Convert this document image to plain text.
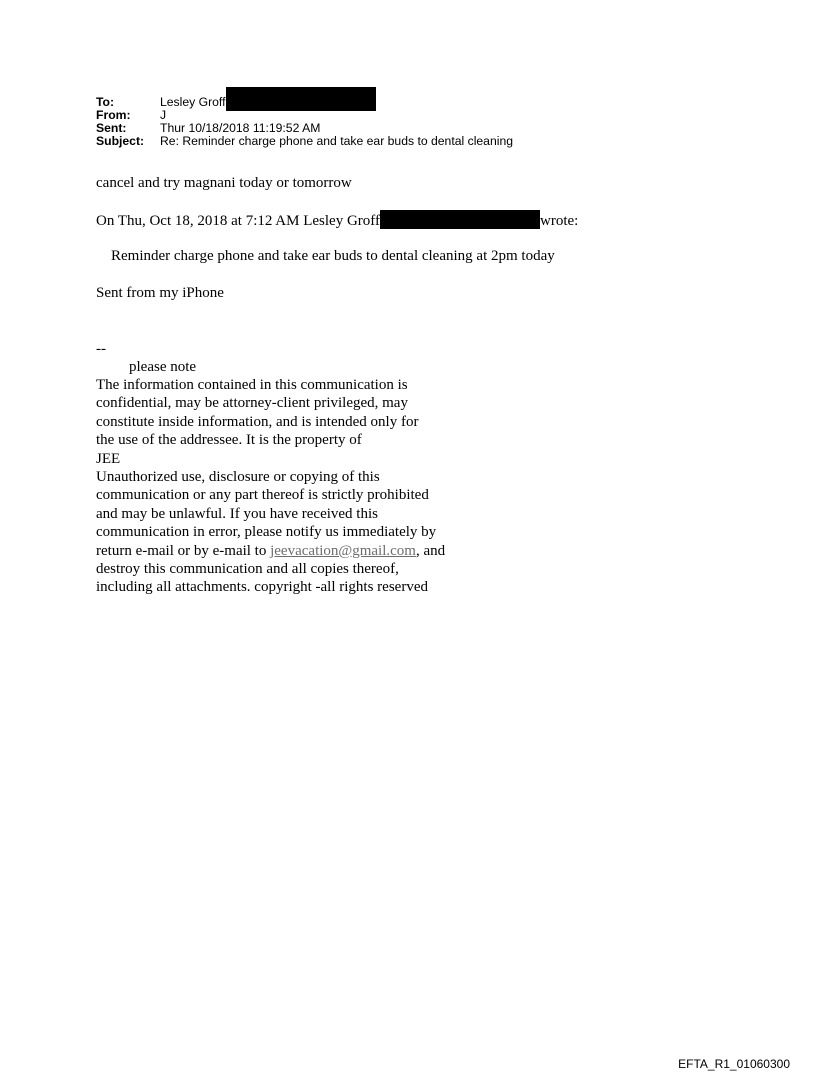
To:	Lesley Groff
From:	J
Sent:	Thur 10/18/2018 11:19:52 AM
Subject:	Re: Reminder charge phone and take ear buds to dental cleaning
cancel and try magnani today or tomorrow
On Thu, Oct 18, 2018 at 7:12 AM Lesley Groff	wrote:
Reminder charge phone and take ear buds to dental cleaning at 2pm today
Sent from my iPhone
--
please note
The information contained in this communication is
confidential, may be attorney-client privileged, may
constitute inside information, and is intended only for
the use of the addressee. It is the property of
JEE
Unauthorized use, disclosure or copying of this
communication or any part thereof is strictly prohibited
and may be unlawful. If you have received this
communication in error, please notify us immediately by
return e-mail or by e-mail to jeevacation@gmail.com, and
destroy this communication and all copies thereof,
including all attachments. copyright -all rights reserved
EFTA_R1_01060300
